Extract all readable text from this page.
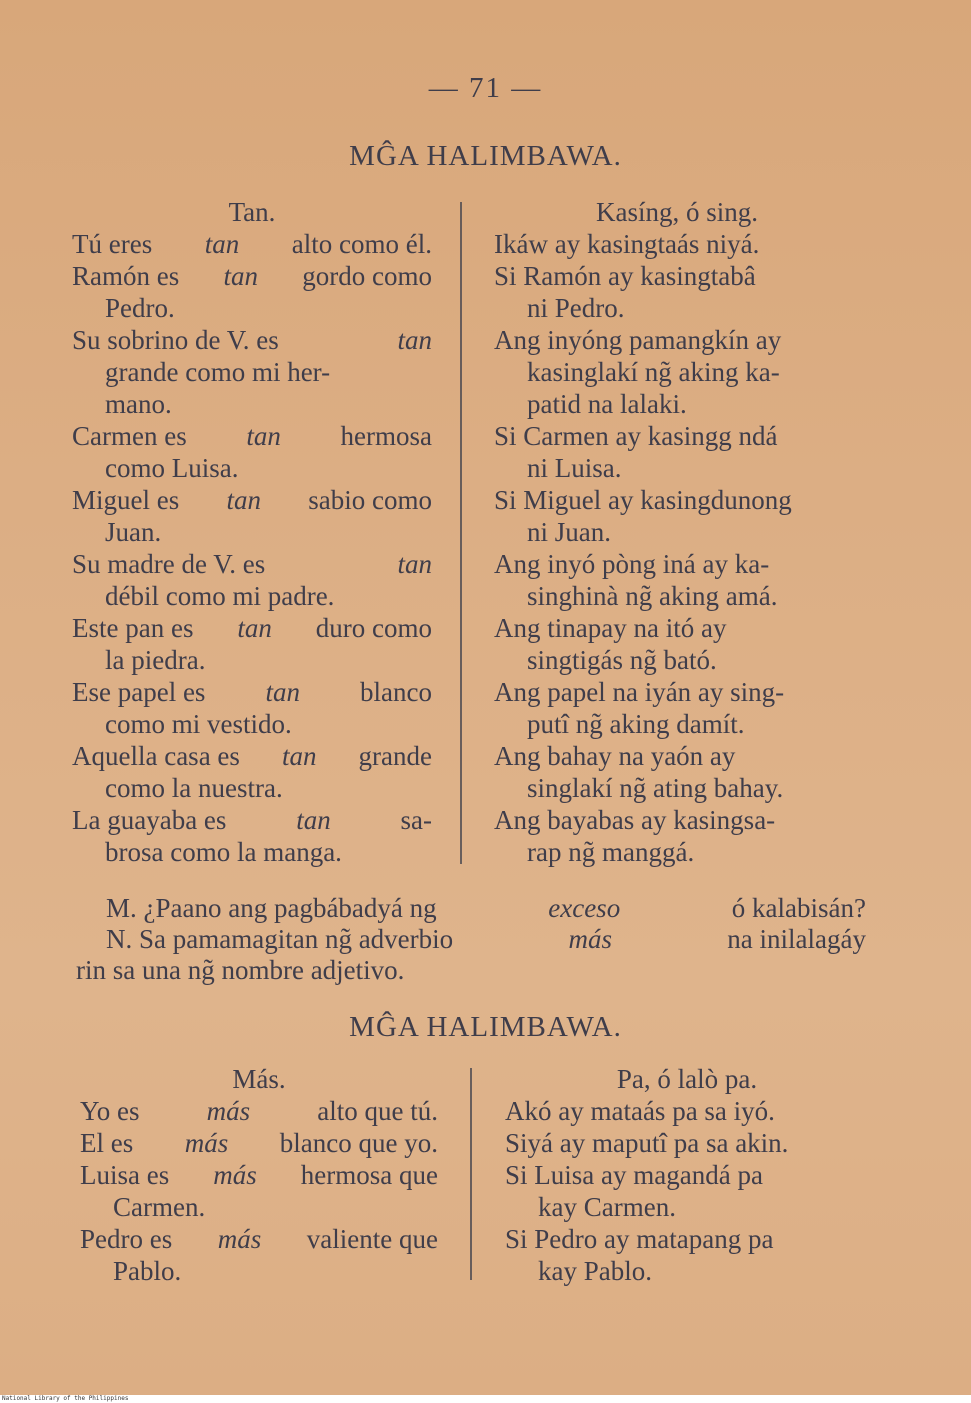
— 71 —
MĜA HALIMBAWA.
Tan.
Tú eres tan alto como él.
Ramón es tan gordo como
Pedro.
Su sobrino de V. es	tan
grande como mi her-
mano.
Carmen es tan hermosa
como Luisa.
Miguel es tan sabio como
Juan.
Su madre de V. es	tan
débil como mi padre.
Este pan es tan duro como
la piedra.
Ese papel es tan blanco
como mi vestido.
Aquella casa es tan grande
como la nuestra.
La guayaba es	tan	sa-
brosa como la manga.
Kasíng, ó sing.
Ikáw ay kasingtaás niyá.
Si Ramón ay kasingtabâ
ni Pedro.
Ang inyóng pamangkín ay
kasinglakí ng̃ aking ka-
patid na lalaki.
Si Carmen ay kasingg ndá
ni Luisa.
Si Miguel ay kasingdunong
ni Juan.
Ang inyó pòng iná ay ka-
singhinà ng̃ aking amá.
Ang tinapay na itó ay
singtigás ng̃ bató.
Ang papel na iyán ay sing-
putî ng̃ aking damít.
Ang bahay na yaón ay
singlakí ng̃ ating bahay.
Ang bayabas ay kasingsa-
rap ng̃ manggá.
M. ¿Paano ang pagbábadyá ng	exceso	ó kalabisán?
N. Sa pamamagitan ng̃ adverbio	más	na inilalagáy
rin sa una ng̃ nombre adjetivo.
MĜA HALIMBAWA.
Más.
Yo es más alto que tú.
El es más blanco que yo.
Luisa es más hermosa que
Carmen.
Pedro es más valiente que
Pablo.
Pa, ó lalò pa.
Akó ay mataás pa sa iyó.
Siyá ay maputî pa sa akin.
Si Luisa ay magandá pa
kay Carmen.
Si Pedro ay matapang pa
kay Pablo.
National Library of the Philippines
